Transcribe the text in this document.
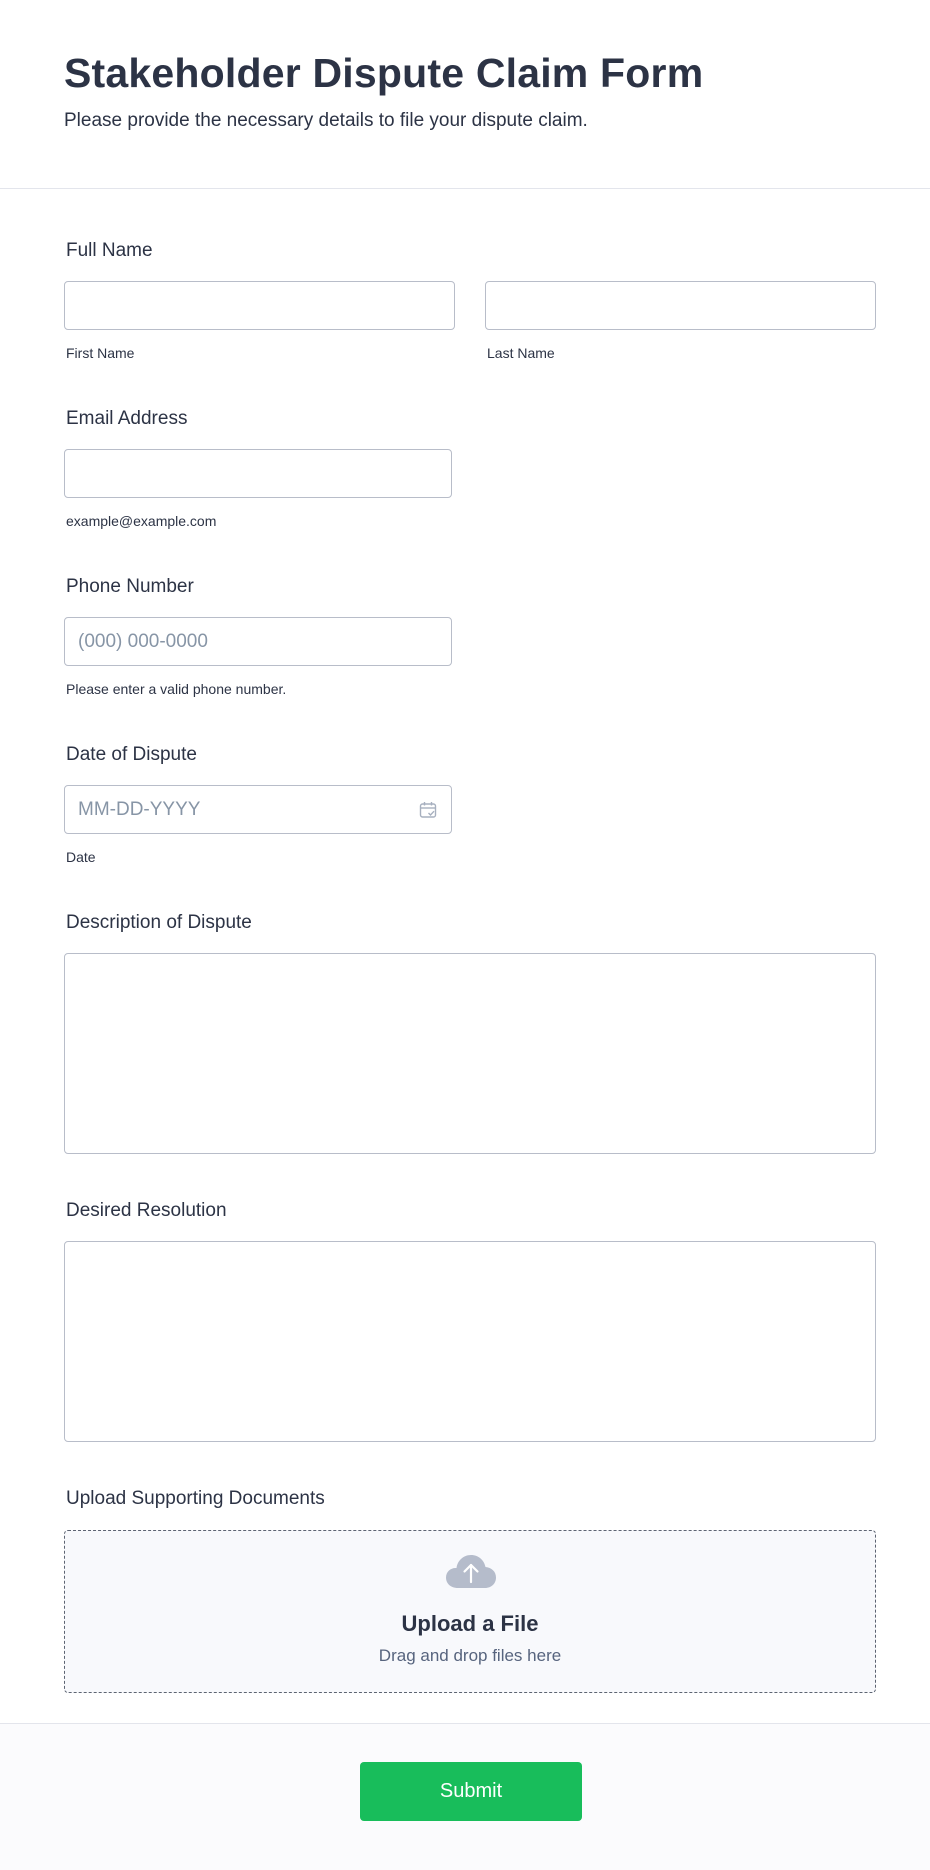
Stakeholder Dispute Claim Form
Please provide the necessary details to file your dispute claim.
Full Name
First Name	Last Name
Email Address
example@example.com
Phone Number
(000) 000-0000
Please enter a valid phone number.
Date of Dispute
MM-DD-YYYY
Date
Description of Dispute
Desired Resolution
Upload Supporting Documents
Upload a File
Drag and drop files here
Submit
